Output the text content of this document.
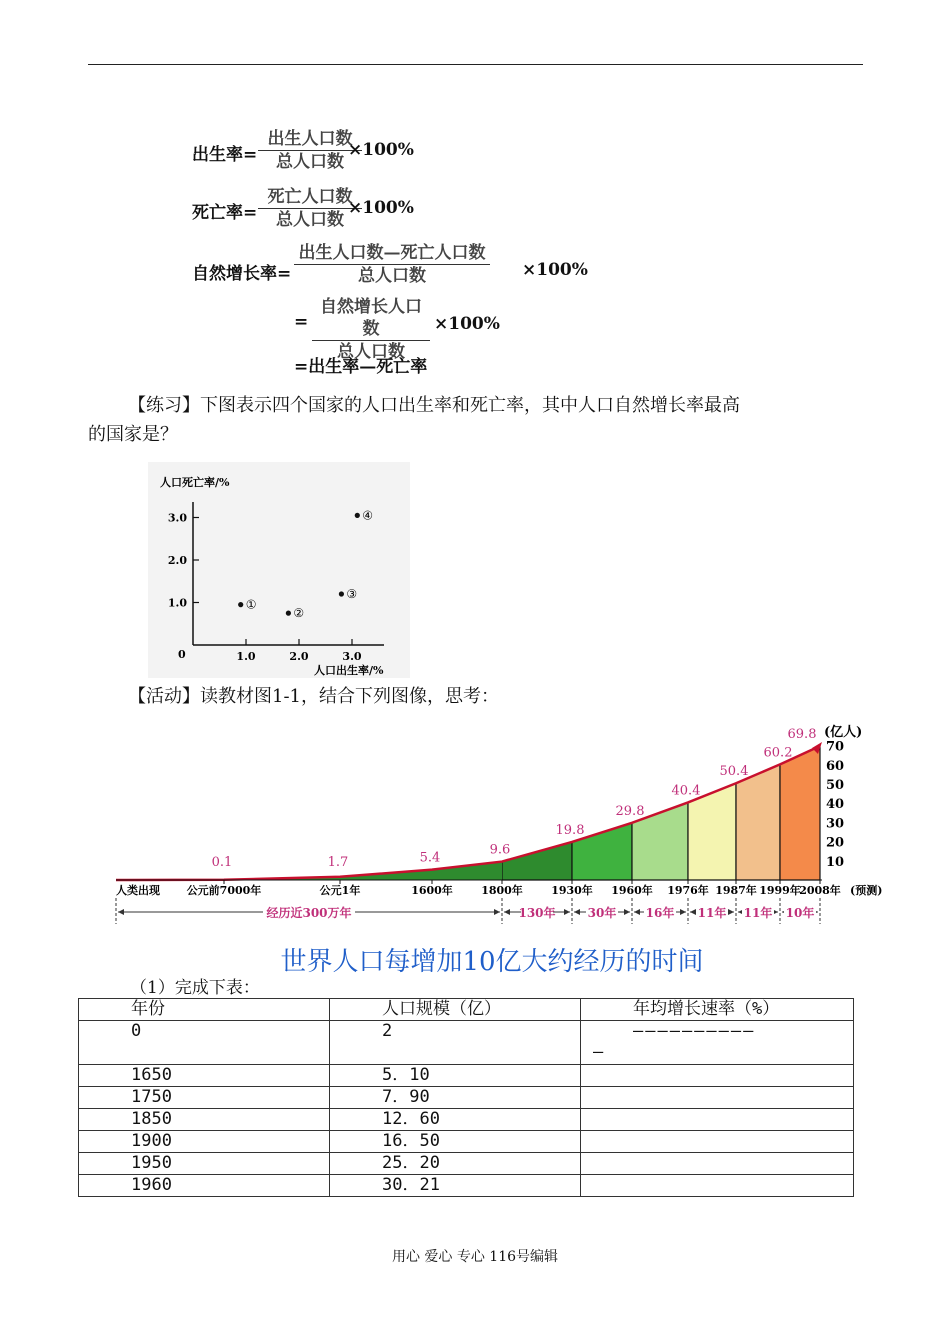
出生率=
出生人口数
总人口数
×100%
死亡率=
死亡人口数
总人口数
×100%
自然增长率=
出生人口数—死亡人口数
总人口数	×100%
=
自然增长人口数
总人口数
×100%
=出生率—死亡率
【练习】下图表示四个国家的人口出生率和死亡率，其中人口自然增长率最高
的国家是？
人口死亡率/%
人口出生率/%
0	1.0	2.0	3.0
1.0
2.0
3.0
①
②
③
④
【活动】读教材图1-1，结合下列图像，思考：
0.1	1.7	5.4
9.6
19.8
29.8
40.4
50.4
60.2
69.8
人类出现 公元前7000年	公元1年	1600年	1800年	1930年 1960年 1976年 1987年 1999年
2008年 (预测)
10
20
30
40
50
60
70
经历近300万年	130年	30年 16年 11年 11年 10年
(亿人)
世界人口每增加10亿大约经历的时间
（1）完成下表：
年份	人口规模（亿）	年均增长速率（%）
0	2	——————————
—

1650	5．10	
1750	7．90	
1850	12．60	
1900	16．50	
1950	25．20	
1960	30．21	
用心 爱心 专心 116号编辑
